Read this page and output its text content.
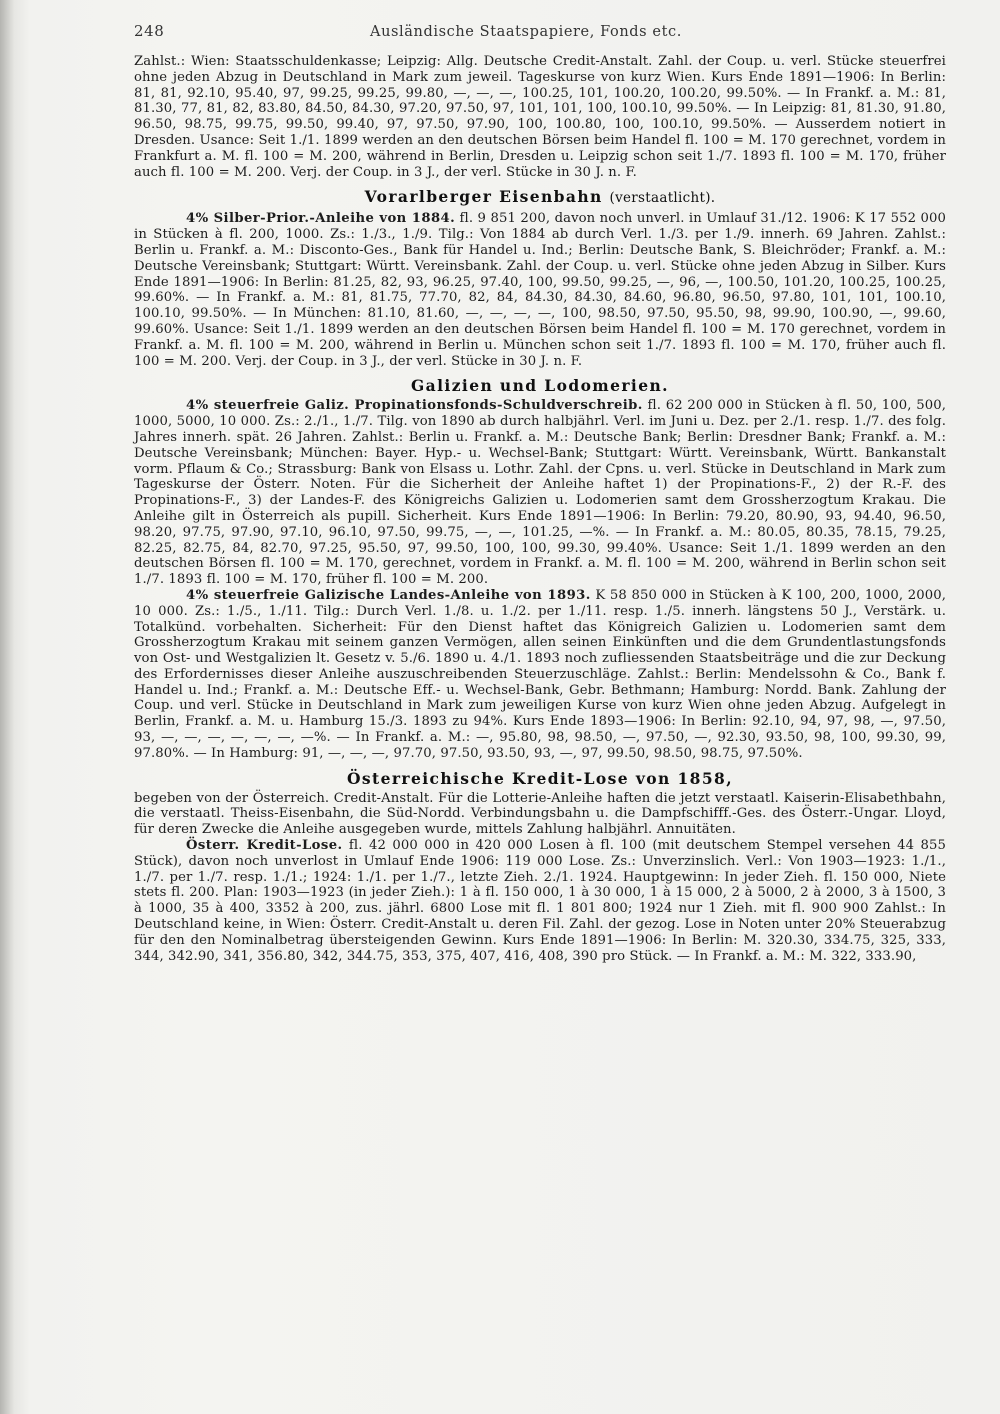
248	Ausländische Staatspapiere, Fonds etc.

Zahlst.: Wien: Staatsschuldenkasse; Leipzig: Allg. Deutsche Credit-Anstalt. Zahl. der Coup. u. verl. Stücke steuerfrei ohne jeden Abzug in Deutschland in Mark zum jeweil. Tageskurse von kurz Wien. Kurs Ende 1891—1906: In Berlin: 81, 81, 92.10, 95.40, 97, 99.25, 99.25, 99.80, —, —, —, 100.25, 101, 100.20, 100.20, 99.50%. — In Frankf. a. M.: 81, 81.30, 77, 81, 82, 83.80, 84.50, 84.30, 97.20, 97.50, 97, 101, 101, 100, 100.10, 99.50%. — In Leipzig: 81, 81.30, 91.80, 96.50, 98.75, 99.75, 99.50, 99.40, 97, 97.50, 97.90, 100, 100.80, 100, 100.10, 99.50%. — Ausserdem notiert in Dresden. Usance: Seit 1./1. 1899 werden an den deutschen Börsen beim Handel fl. 100 = M. 170 gerechnet, vordem in Frankfurt a. M. fl. 100 = M. 200, während in Berlin, Dresden u. Leipzig schon seit 1./7. 1893 fl. 100 = M. 170, früher auch fl. 100 = M. 200. Verj. der Coup. in 3 J., der verl. Stücke in 30 J. n. F.

Vorarlberger Eisenbahn (verstaatlicht).

4% Silber-Prior.-Anleihe von 1884. fl. 9 851 200, davon noch unverl. in Umlauf 31./12. 1906: K 17 552 000 in Stücken à fl. 200, 1000. Zs.: 1./3., 1./9. Tilg.: Von 1884 ab durch Verl. 1./3. per 1./9. innerh. 69 Jahren. Zahlst.: Berlin u. Frankf. a. M.: Disconto-Ges., Bank für Handel u. Ind.; Berlin: Deutsche Bank, S. Bleichröder; Frankf. a. M.: Deutsche Vereinsbank; Stuttgart: Württ. Vereinsbank. Zahl. der Coup. u. verl. Stücke ohne jeden Abzug in Silber. Kurs Ende 1891—1906: In Berlin: 81.25, 82, 93, 96.25, 97.40, 100, 99.50, 99.25, —, 96, —, 100.50, 101.20, 100.25, 100.25, 99.60%. — In Frankf. a. M.: 81, 81.75, 77.70, 82, 84, 84.30, 84.30, 84.60, 96.80, 96.50, 97.80, 101, 101, 100.10, 100.10, 99.50%. — In München: 81.10, 81.60, —, —, —, —, 100, 98.50, 97.50, 95.50, 98, 99.90, 100.90, —, 99.60, 99.60%. Usance: Seit 1./1. 1899 werden an den deutschen Börsen beim Handel fl. 100 = M. 170 gerechnet, vordem in Frankf. a. M. fl. 100 = M. 200, während in Berlin u. München schon seit 1./7. 1893 fl. 100 = M. 170, früher auch fl. 100 = M. 200. Verj. der Coup. in 3 J., der verl. Stücke in 30 J. n. F.

Galizien und Lodomerien.

4% steuerfreie Galiz. Propinationsfonds-Schuldverschreib. fl. 62 200 000 in Stücken à fl. 50, 100, 500, 1000, 5000, 10 000. Zs.: 2./1., 1./7. Tilg. von 1890 ab durch halbjährl. Verl. im Juni u. Dez. per 2./1. resp. 1./7. des folg. Jahres innerh. spät. 26 Jahren. Zahlst.: Berlin u. Frankf. a. M.: Deutsche Bank; Berlin: Dresdner Bank; Frankf. a. M.: Deutsche Vereinsbank; München: Bayer. Hyp.- u. Wechsel-Bank; Stuttgart: Württ. Vereinsbank, Württ. Bankanstalt vorm. Pflaum & Co.; Strassburg: Bank von Elsass u. Lothr. Zahl. der Cpns. u. verl. Stücke in Deutschland in Mark zum Tageskurse der Österr. Noten. Für die Sicherheit der Anleihe haftet 1) der Propinations-F., 2) der R.-F. des Propinations-F., 3) der Landes-F. des Königreichs Galizien u. Lodomerien samt dem Grossherzogtum Krakau. Die Anleihe gilt in Österreich als pupill. Sicherheit. Kurs Ende 1891—1906: In Berlin: 79.20, 80.90, 93, 94.40, 96.50, 98.20, 97.75, 97.90, 97.10, 96.10, 97.50, 99.75, —, —, 101.25, —%. — In Frankf. a. M.: 80.05, 80.35, 78.15, 79.25, 82.25, 82.75, 84, 82.70, 97.25, 95.50, 97, 99.50, 100, 100, 99.30, 99.40%. Usance: Seit 1./1. 1899 werden an den deutschen Börsen fl. 100 = M. 170, gerechnet, vordem in Frankf. a. M. fl. 100 = M. 200, während in Berlin schon seit 1./7. 1893 fl. 100 = M. 170, früher fl. 100 = M. 200.

4% steuerfreie Galizische Landes-Anleihe von 1893. K 58 850 000 in Stücken à K 100, 200, 1000, 2000, 10 000. Zs.: 1./5., 1./11. Tilg.: Durch Verl. 1./8. u. 1./2. per 1./11. resp. 1./5. innerh. längstens 50 J., Verstärk. u. Totalkünd. vorbehalten. Sicherheit: Für den Dienst haftet das Königreich Galizien u. Lodomerien samt dem Grossherzogtum Krakau mit seinem ganzen Vermögen, allen seinen Einkünften und die dem Grundentlastungsfonds von Ost- und Westgalizien lt. Gesetz v. 5./6. 1890 u. 4./1. 1893 noch zufliessenden Staatsbeiträge und die zur Deckung des Erfordernisses dieser Anleihe auszuschreibenden Steuerzuschläge. Zahlst.: Berlin: Mendelssohn & Co., Bank f. Handel u. Ind.; Frankf. a. M.: Deutsche Eff.- u. Wechsel-Bank, Gebr. Bethmann; Hamburg: Nordd. Bank. Zahlung der Coup. und verl. Stücke in Deutschland in Mark zum jeweiligen Kurse von kurz Wien ohne jeden Abzug. Aufgelegt in Berlin, Frankf. a. M. u. Hamburg 15./3. 1893 zu 94%. Kurs Ende 1893—1906: In Berlin: 92.10, 94, 97, 98, —, 97.50, 93, —, —, —, —, —, —, —%. — In Frankf. a. M.: —, 95.80, 98, 98.50, —, 97.50, —, 92.30, 93.50, 98, 100, 99.30, 99, 97.80%. — In Hamburg: 91, —, —, —, 97.70, 97.50, 93.50, 93, —, 97, 99.50, 98.50, 98.75, 97.50%.

Österreichische Kredit-Lose von 1858,

begeben von der Österreich. Credit-Anstalt. Für die Lotterie-Anleihe haften die jetzt verstaatl. Kaiserin-Elisabethbahn, die verstaatl. Theiss-Eisenbahn, die Süd-Nordd. Verbindungsbahn u. die Dampfschifff.-Ges. des Österr.-Ungar. Lloyd, für deren Zwecke die Anleihe ausgegeben wurde, mittels Zahlung halbjährl. Annuitäten.

Österr. Kredit-Lose. fl. 42 000 000 in 420 000 Losen à fl. 100 (mit deutschem Stempel versehen 44 855 Stück), davon noch unverlost in Umlauf Ende 1906: 119 000 Lose. Zs.: Unverzinslich. Verl.: Von 1903—1923: 1./1., 1./7. per 1./7. resp. 1./1.; 1924: 1./1. per 1./7., letzte Zieh. 2./1. 1924. Hauptgewinn: In jeder Zieh. fl. 150 000, Niete stets fl. 200. Plan: 1903—1923 (in jeder Zieh.): 1 à fl. 150 000, 1 à 30 000, 1 à 15 000, 2 à 5000, 2 à 2000, 3 à 1500, 3 à 1000, 35 à 400, 3352 à 200, zus. jährl. 6800 Lose mit fl. 1 801 800; 1924 nur 1 Zieh. mit fl. 900 900 Zahlst.: In Deutschland keine, in Wien: Österr. Credit-Anstalt u. deren Fil. Zahl. der gezog. Lose in Noten unter 20% Steuerabzug für den den Nominalbetrag übersteigenden Gewinn. Kurs Ende 1891—1906: In Berlin: M. 320.30, 334.75, 325, 333, 344, 342.90, 341, 356.80, 342, 344.75, 353, 375, 407, 416, 408, 390 pro Stück. — In Frankf. a. M.: M. 322, 333.90,
